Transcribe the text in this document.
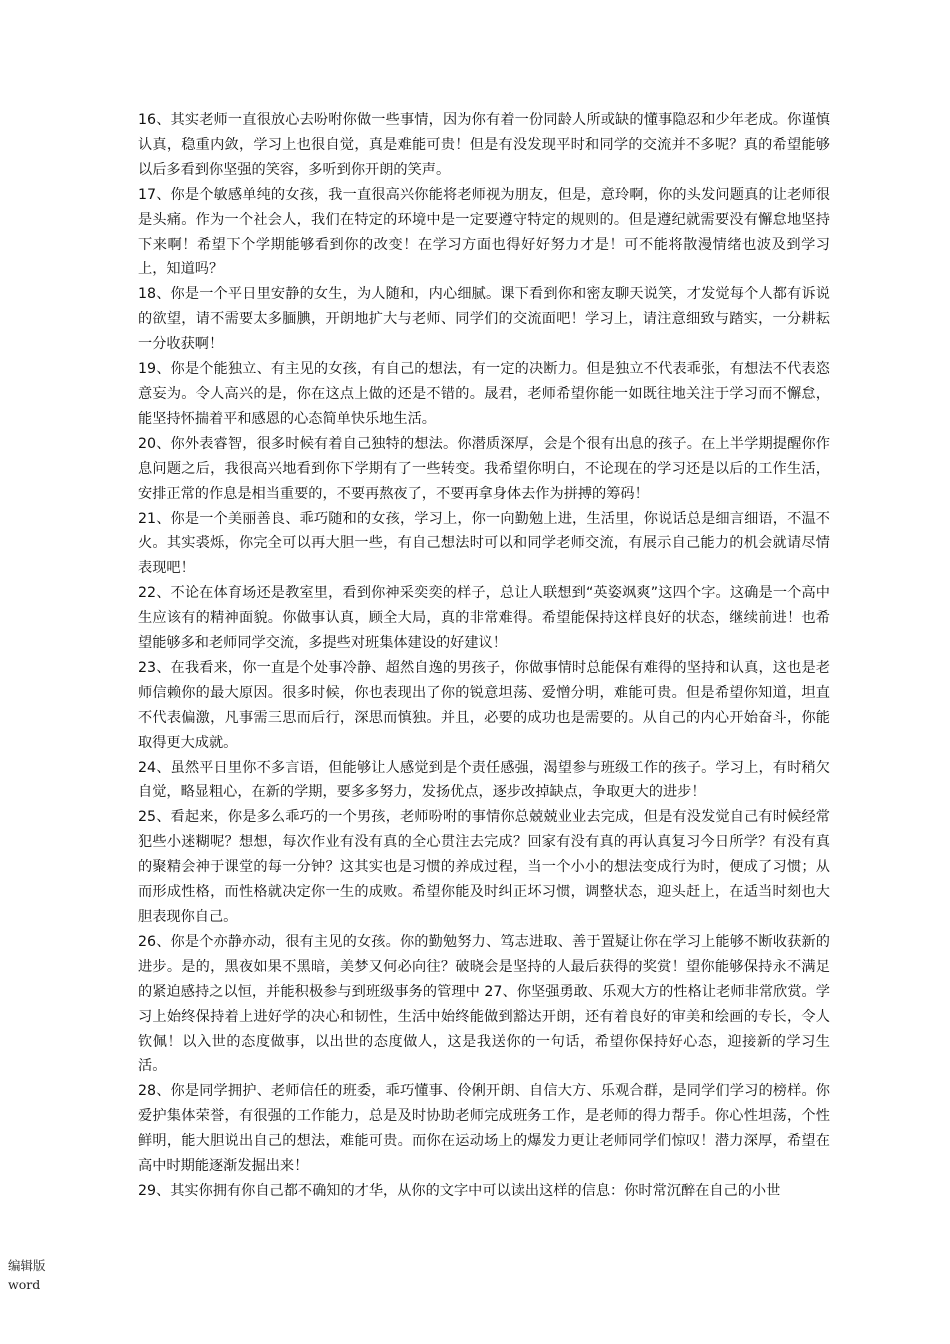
16、其实老师一直很放心去吩咐你做一些事情，因为你有着一份同龄人所或缺的懂事隐忍和少年老成。你谨慎认真，稳重内敛，学习上也很自觉，真是难能可贵！但是有没发现平时和同学的交流并不多呢？真的希望能够以后多看到你坚强的笑容，多听到你开朗的笑声。

17、你是个敏感单纯的女孩，我一直很高兴你能将老师视为朋友，但是，意玲啊，你的头发问题真的让老师很是头痛。作为一个社会人，我们在特定的环境中是一定要遵守特定的规则的。但是遵纪就需要没有懈怠地坚持下来啊！希望下个学期能够看到你的改变！在学习方面也得好好努力才是！可不能将散漫情绪也波及到学习上，知道吗？

18、你是一个平日里安静的女生，为人随和，内心细腻。课下看到你和密友聊天说笑，才发觉每个人都有诉说的欲望，请不需要太多腼腆，开朗地扩大与老师、同学们的交流面吧！学习上，请注意细致与踏实，一分耕耘一分收获啊！

19、你是个能独立、有主见的女孩，有自己的想法，有一定的决断力。但是独立不代表乖张，有想法不代表恣意妄为。令人高兴的是，你在这点上做的还是不错的。晟君，老师希望你能一如既往地关注于学习而不懈怠，能坚持怀揣着平和感恩的心态简单快乐地生活。

20、你外表睿智，很多时候有着自己独特的想法。你潜质深厚，会是个很有出息的孩子。在上半学期提醒你作息问题之后，我很高兴地看到你下学期有了一些转变。我希望你明白，不论现在的学习还是以后的工作生活，安排正常的作息是相当重要的，不要再熬夜了，不要再拿身体去作为拼搏的筹码！

21、你是一个美丽善良、乖巧随和的女孩，学习上，你一向勤勉上进，生活里，你说话总是细言细语，不温不火。其实裘烁，你完全可以再大胆一些，有自己想法时可以和同学老师交流，有展示自己能力的机会就请尽情表现吧！

22、不论在体育场还是教室里，看到你神采奕奕的样子，总让人联想到“英姿飒爽”这四个字。这确是一个高中生应该有的精神面貌。你做事认真，顾全大局，真的非常难得。希望能保持这样良好的状态，继续前进！也希望能够多和老师同学交流，多提些对班集体建设的好建议！

23、在我看来，你一直是个处事冷静、超然自逸的男孩子，你做事情时总能保有难得的坚持和认真，这也是老师信赖你的最大原因。很多时候，你也表现出了你的锐意坦荡、爱憎分明，难能可贵。但是希望你知道，坦直不代表偏激，凡事需三思而后行，深思而慎独。并且，必要的成功也是需要的。从自己的内心开始奋斗，你能取得更大成就。

24、虽然平日里你不多言语，但能够让人感觉到是个责任感强，渴望参与班级工作的孩子。学习上，有时稍欠自觉，略显粗心，在新的学期，要多多努力，发扬优点，逐步改掉缺点，争取更大的进步！

25、看起来，你是多么乖巧的一个男孩，老师吩咐的事情你总兢兢业业去完成，但是有没发觉自己有时候经常犯些小迷糊呢？想想，每次作业有没有真的全心贯注去完成？回家有没有真的再认真复习今日所学？有没有真的聚精会神于课堂的每一分钟？这其实也是习惯的养成过程，当一个小小的想法变成行为时，便成了习惯；从而形成性格，而性格就决定你一生的成败。希望你能及时纠正坏习惯，调整状态，迎头赶上，在适当时刻也大胆表现你自己。

26、你是个亦静亦动，很有主见的女孩。你的勤勉努力、笃志进取、善于置疑让你在学习上能够不断收获新的进步。是的，黑夜如果不黑暗，美梦又何必向往？破晓会是坚持的人最后获得的奖赏！望你能够保持永不满足的紧迫感持之以恒，并能积极参与到班级事务的管理中 27、你坚强勇敢、乐观大方的性格让老师非常欣赏。学习上始终保持着上进好学的决心和韧性，生活中始终能做到豁达开朗，还有着良好的审美和绘画的专长，令人钦佩！以入世的态度做事，以出世的态度做人，这是我送你的一句话，希望你保持好心态，迎接新的学习生活。

28、你是同学拥护、老师信任的班委，乖巧懂事、伶俐开朗、自信大方、乐观合群，是同学们学习的榜样。你爱护集体荣誉，有很强的工作能力，总是及时协助老师完成班务工作，是老师的得力帮手。你心性坦荡，个性鲜明，能大胆说出自己的想法，难能可贵。而你在运动场上的爆发力更让老师同学们惊叹！潜力深厚，希望在高中时期能逐渐发掘出来！

29、其实你拥有你自己都不确知的才华，从你的文字中可以读出这样的信息：你时常沉醉在自己的小世

编辑版
word
